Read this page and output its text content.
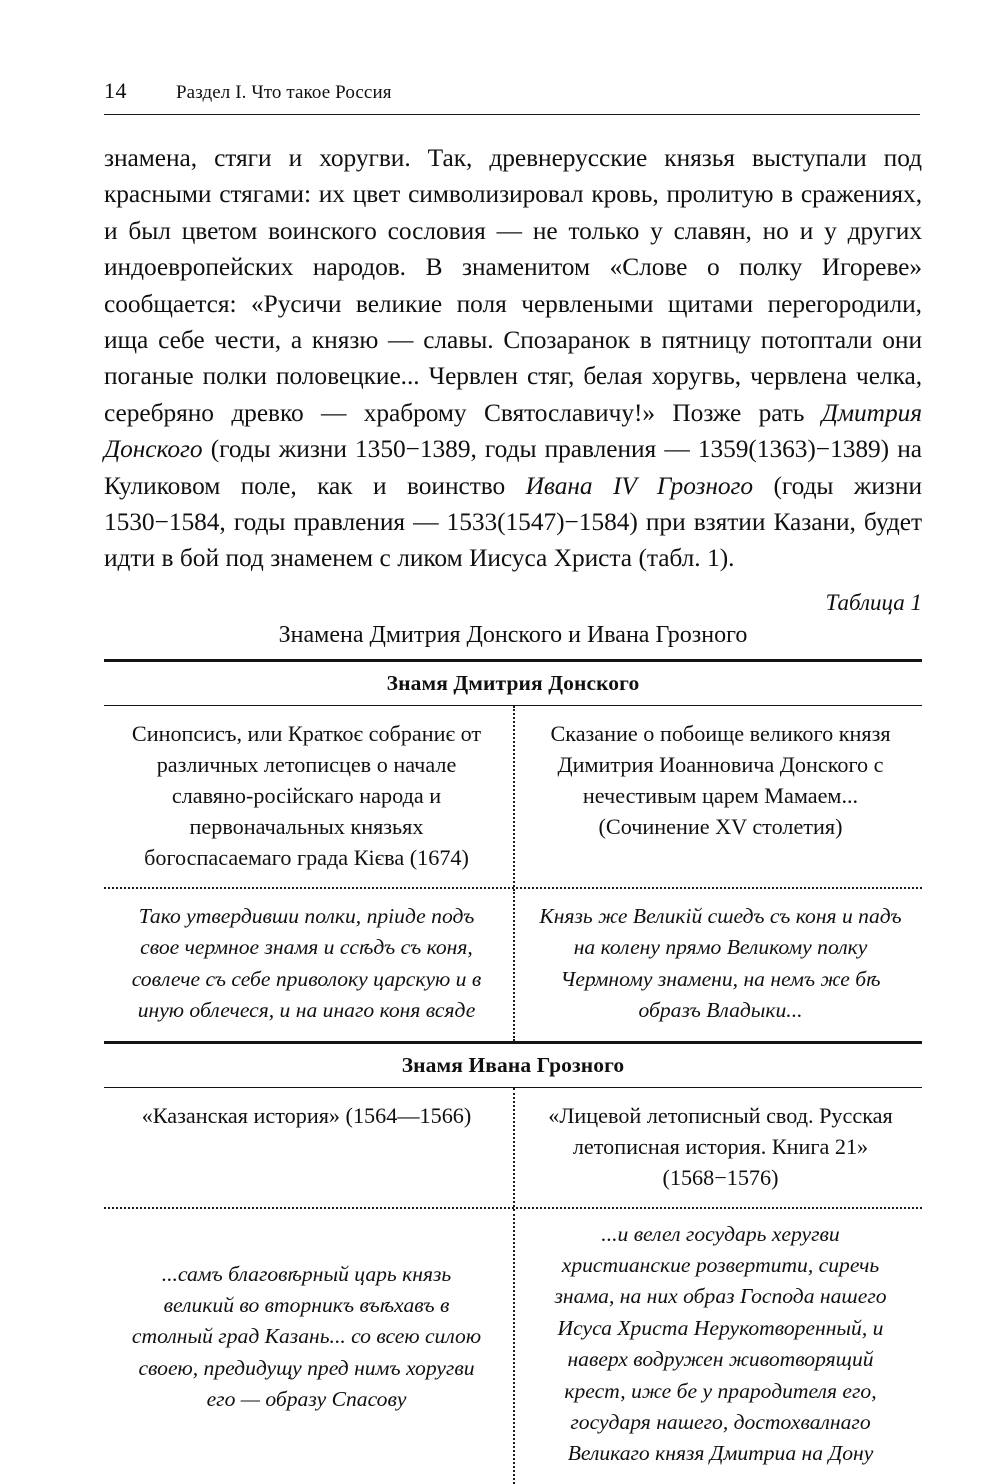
14	Раздел I. Что такое Россия

знамена, стяги и хоругви. Так, древнерусские князья выступали под красными стягами: их цвет символизировал кровь, пролитую в сражениях, и был цветом воинского сословия — не только у славян, но и у других индоевропейских народов. В знаменитом «Слове о полку Игореве» сообщается: «Русичи великие поля червлеными щитами перегородили, ища себе чести, а князю — славы. Спозаранок в пятницу потоптали они поганые полки половецкие... Червлен стяг, белая хоругвь, червлена челка, серебряно древко — храброму Святославичу!» Позже рать Дмитрия Донского (годы жизни 1350−1389, годы правления — 1359(1363)−1389) на Куликовом поле, как и воинство Ивана IV Грозного (годы жизни 1530−1584, годы правления — 1533(1547)−1584) при взятии Казани, будет идти в бой под знаменем с ликом Иисуса Христа (табл. 1).

Таблица 1
Знамена Дмитрия Донского и Ивана Грозного
Знамя Дмитрия Донского
Синопсисъ, или Краткоє собраниє от различных летописцев о начале славяно-російскаго народа и первоначальных князьях богоспасаемаго града Кiєва (1674)
Сказание о побоище великого князя Димитрия Иоанновича Донского с нечестивым царем Мамаем... (Сочинение XV столетия)
Тако утвердивши полки, прiиде подъ свое чермное знамя и ссѣдъ съ коня, совлече съ себе приволоку царскую и в иную облечеся, и на инаго коня всяде
Князь же Великiй сшедъ съ коня и падъ на колену прямо Великому полку Чермному знамени, на немъ же бѣ образъ Владыки...
Знамя Ивана Грозного
«Казанская история» (1564—1566)	«Лицевой летописный свод. Русская летописная история. Книга 21» (1568−1576)
...самъ благовѣрный царь князь великий во вторникъ въѣхавъ в столный град Казань... со всею силою своею, предидущу пред нимъ хоругви его — образу Спасову
...и велел государь херугви христианские розвертити, сиречь знама, на них образ Господа нашего Исуса Христа Нерукотворенный, и наверх водружен животворящий крест, иже бе у прародителя его, государя нашего, достохвалнаго Великаго князя Дмитриа на Дону
